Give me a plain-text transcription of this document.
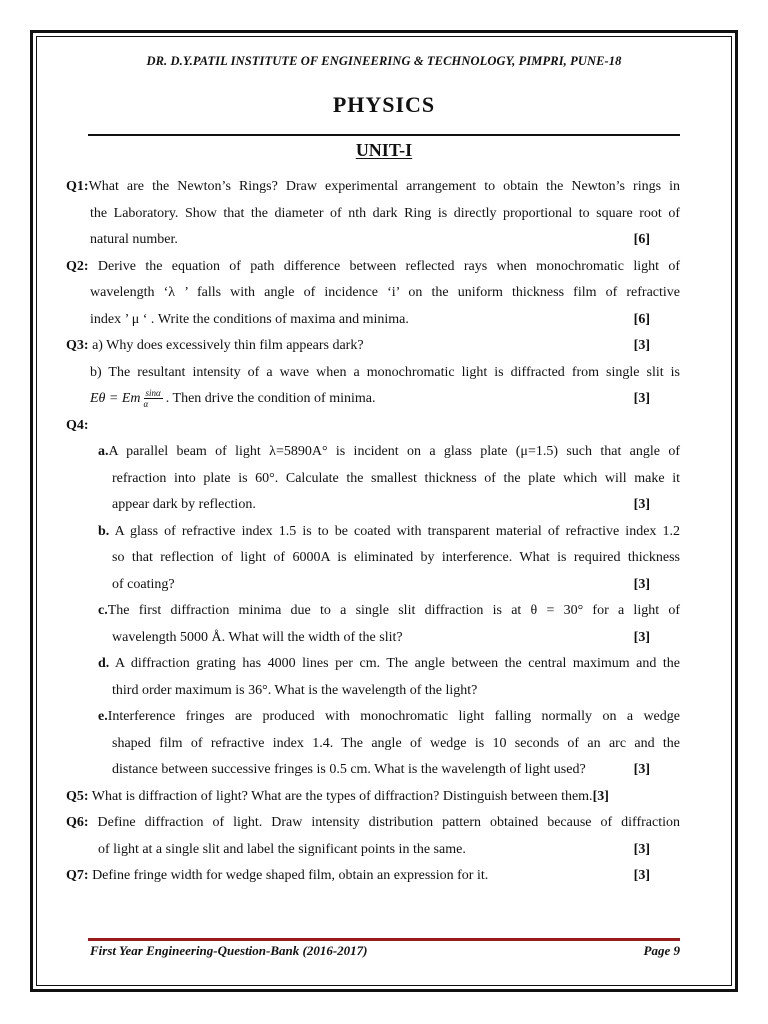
DR. D.Y.PATIL INSTITUTE OF ENGINEERING & TECHNOLOGY, PIMPRI, PUNE-18
PHYSICS
UNIT-I
Q1:What are the Newton’s Rings? Draw experimental arrangement to obtain the Newton’s rings in
the Laboratory. Show that the diameter of nth dark Ring is directly proportional to square root of
natural number.	[6]
Q2: Derive the equation of path difference between reflected rays when monochromatic light of
wavelength ‘λ ’ falls with angle of incidence ‘i’ on the uniform thickness film of refractive
index ’ μ ‘ . Write the conditions of maxima and minima.	[6]
Q3: a) Why does excessively thin film appears dark?	[3]
b) The resultant intensity of a wave when a monochromatic light is diffracted from single slit is
Eθ = Em $\frac{\sin\alpha}{\alpha}$ . Then drive the condition of minima.	[3]
Q4:
a.A parallel beam of light λ=5890A° is incident on a glass plate (μ=1.5) such that angle of
refraction into plate is 60°. Calculate the smallest thickness of the plate which will make it
appear dark by reflection.	[3]
b. A glass of refractive index 1.5 is to be coated with transparent material of refractive index 1.2
so that reflection of light of 6000A is eliminated by interference. What is required thickness
of coating?	[3]
c.The first diffraction minima due to a single slit diffraction is at θ = 30° for a light of
wavelength 5000 Å. What will the width of the slit?	[3]
d. A diffraction grating has 4000 lines per cm. The angle between the central maximum and the
third order maximum is 36°. What is the wavelength of the light?
e.Interference fringes are produced with monochromatic light falling normally on a wedge
shaped film of refractive index 1.4. The angle of wedge is 10 seconds of an arc and the
distance between successive fringes is 0.5 cm. What is the wavelength of light used?	[3]
Q5: What is diffraction of light? What are the types of diffraction? Distinguish between them.[3]
Q6: Define diffraction of light. Draw intensity distribution pattern obtained because of diffraction
of light at a single slit and label the significant points in the same.	[3]
Q7: Define fringe width for wedge shaped film, obtain an expression for it.	[3]
First Year Engineering-Question-Bank (2016-2017)	Page 9
